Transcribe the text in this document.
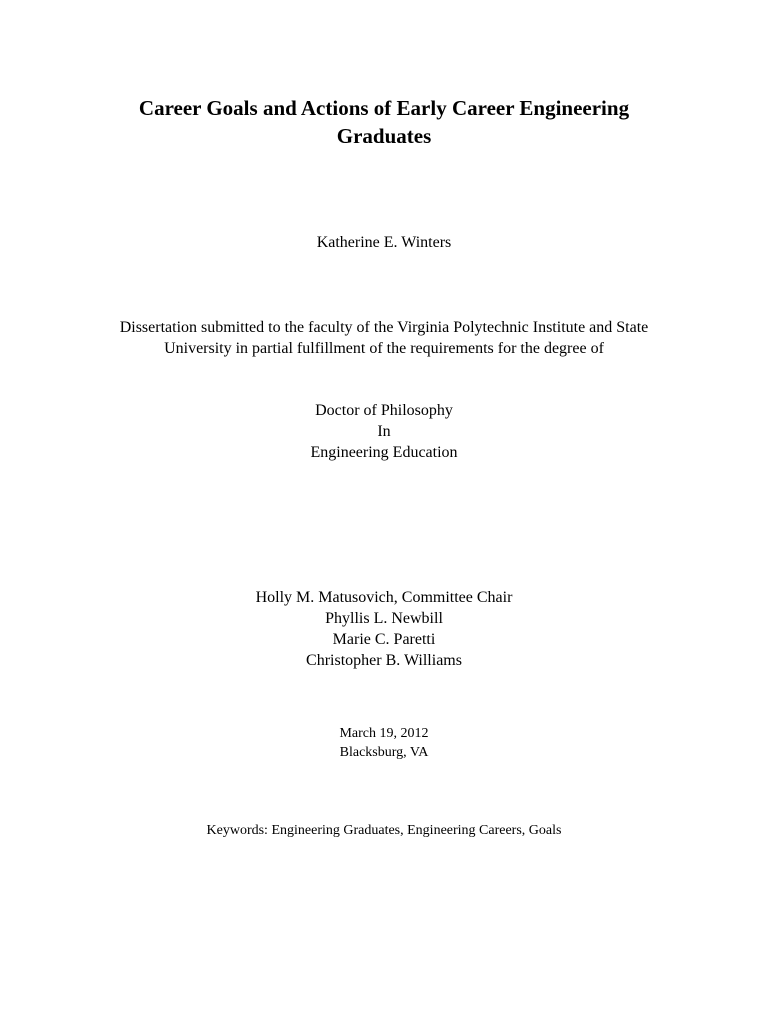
Career Goals and Actions of Early Career Engineering
Graduates
Katherine E. Winters
Dissertation submitted to the faculty of the Virginia Polytechnic Institute and State
University in partial fulfillment of the requirements for the degree of
Doctor of Philosophy
In
Engineering Education
Holly M. Matusovich, Committee Chair
Phyllis L. Newbill
Marie C. Paretti
Christopher B. Williams
March 19, 2012
Blacksburg, VA
Keywords: Engineering Graduates, Engineering Careers, Goals
